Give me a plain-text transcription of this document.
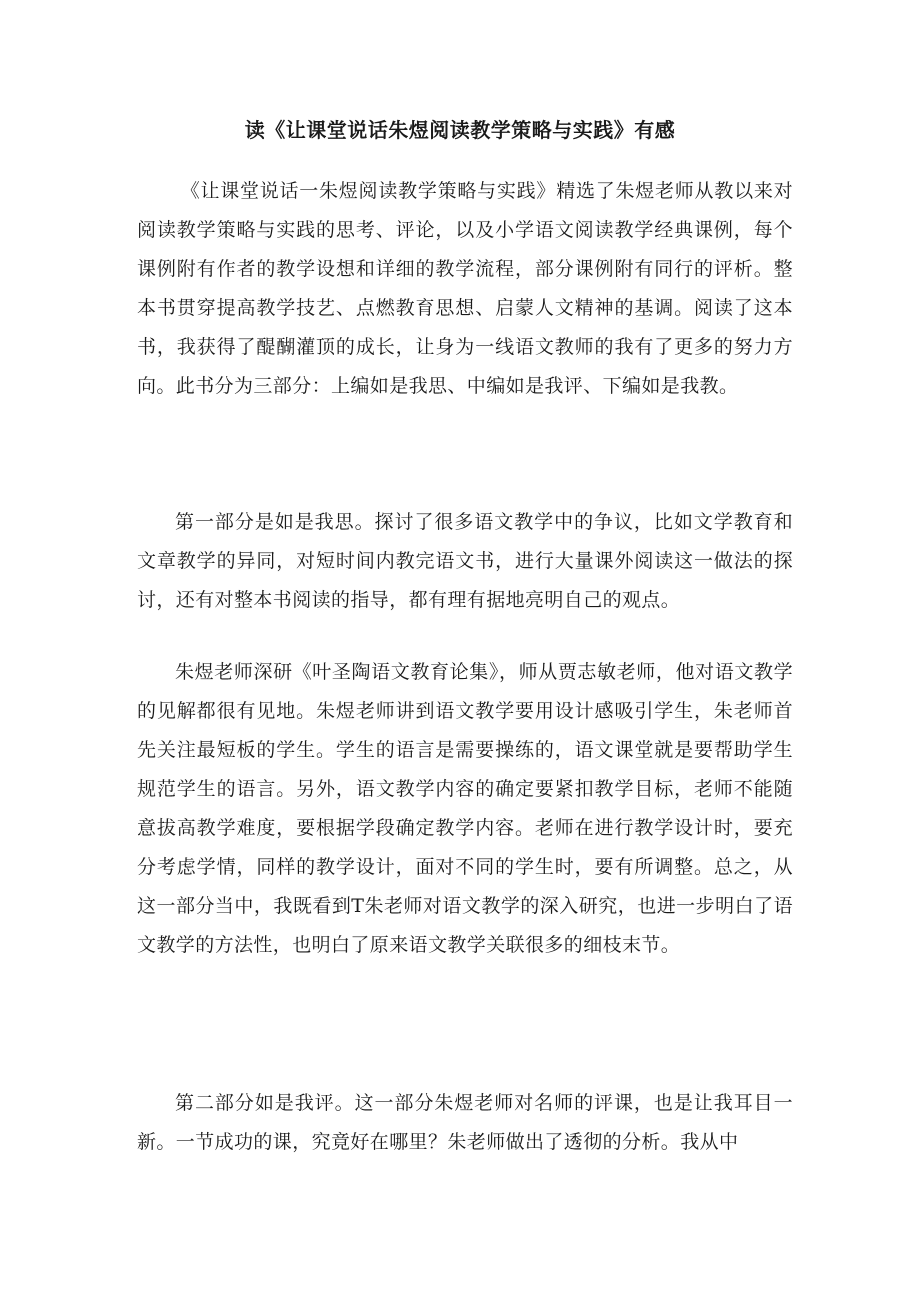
读《让课堂说话朱煜阅读教学策略与实践》有感

《让课堂说话一朱煜阅读教学策略与实践》精选了朱煜老师从教以来对阅读教学策略与实践的思考、评论，以及小学语文阅读教学经典课例，每个课例附有作者的教学设想和详细的教学流程，部分课例附有同行的评析。整本书贯穿提高教学技艺、点燃教育思想、启蒙人文精神的基调。阅读了这本书，我获得了醍醐灌顶的成长，让身为一线语文教师的我有了更多的努力方向。此书分为三部分：上编如是我思、中编如是我评、下编如是我教。

第一部分是如是我思。探讨了很多语文教学中的争议，比如文学教育和文章教学的异同，对短时间内教完语文书，进行大量课外阅读这一做法的探讨，还有对整本书阅读的指导，都有理有据地亮明自己的观点。

朱煜老师深研《叶圣陶语文教育论集》，师从贾志敏老师，他对语文教学的见解都很有见地。朱煜老师讲到语文教学要用设计感吸引学生，朱老师首先关注最短板的学生。学生的语言是需要操练的，语文课堂就是要帮助学生规范学生的语言。另外，语文教学内容的确定要紧扣教学目标，老师不能随意拔高教学难度，要根据学段确定教学内容。老师在进行教学设计时，要充分考虑学情，同样的教学设计，面对不同的学生时，要有所调整。总之，从这一部分当中，我既看到T朱老师对语文教学的深入研究，也进一步明白了语文教学的方法性，也明白了原来语文教学关联很多的细枝末节。

第二部分如是我评。这一部分朱煜老师对名师的评课，也是让我耳目一新。一节成功的课，究竟好在哪里？朱老师做出了透彻的分析。我从中
